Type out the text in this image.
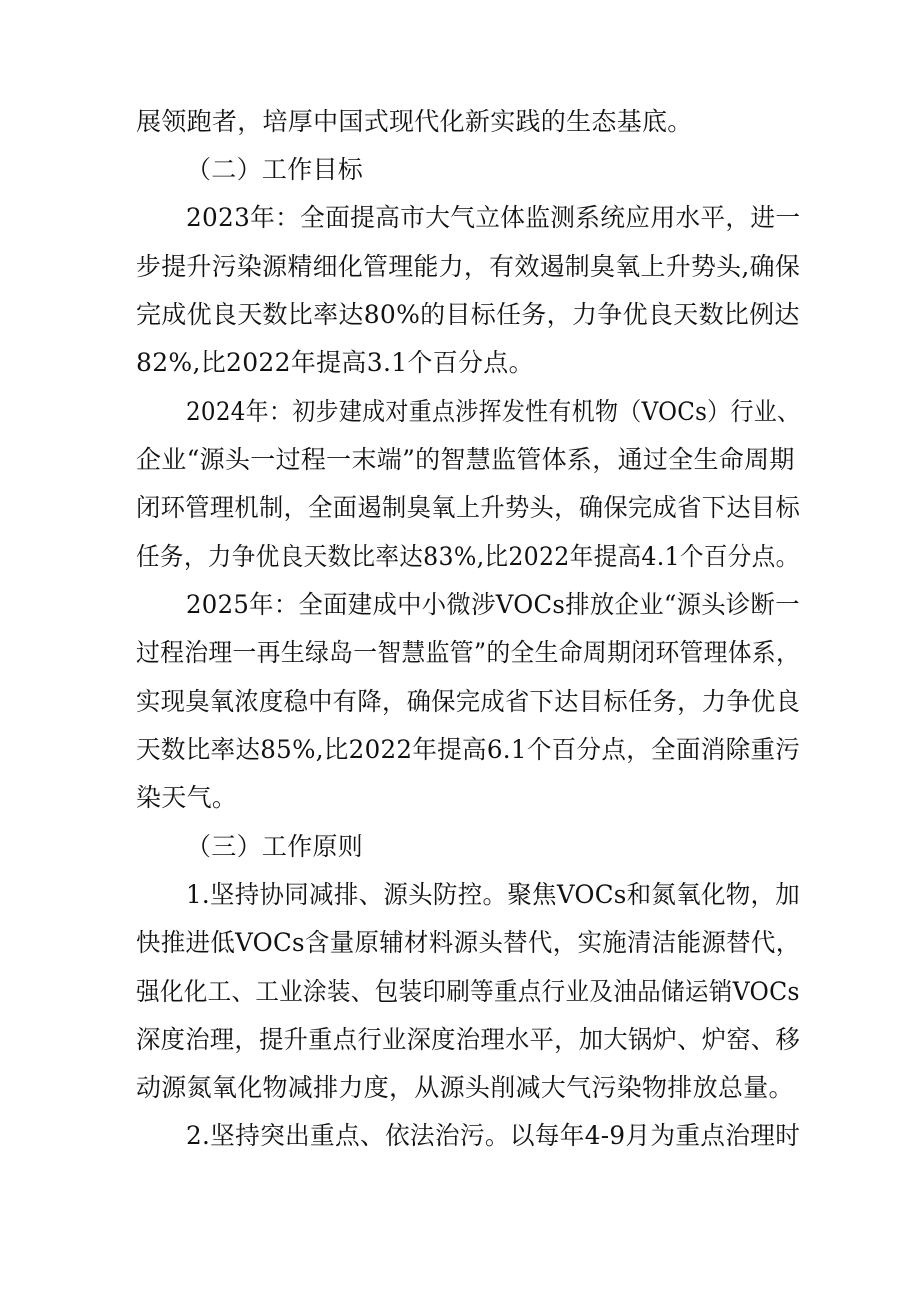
展领跑者，培厚中国式现代化新实践的生态基底。
（二）工作目标
2023年：全面提高市大气立体监测系统应用水平，进一
步提升污染源精细化管理能力，有效遏制臭氧上升势头,确保
完成优良天数比率达80%的目标任务，力争优良天数比例达
82%,比2022年提高3.1个百分点。
2024年：初步建成对重点涉挥发性有机物（VOCs）行业、
企业“源头一过程一末端”的智慧监管体系，通过全生命周期
闭环管理机制，全面遏制臭氧上升势头，确保完成省下达目标
任务，力争优良天数比率达83%,比2022年提高4.1个百分点。
2025年：全面建成中小微涉VOCs排放企业“源头诊断一
过程治理一再生绿岛一智慧监管”的全生命周期闭环管理体系，
实现臭氧浓度稳中有降，确保完成省下达目标任务，力争优良
天数比率达85%,比2022年提高6.1个百分点，全面消除重污
染天气。
（三）工作原则
1.坚持协同减排、源头防控。聚焦VOCs和氮氧化物，加
快推进低VOCs含量原辅材料源头替代，实施清洁能源替代，
强化化工、工业涂装、包装印刷等重点行业及油品储运销VOCs
深度治理，提升重点行业深度治理水平，加大锅炉、炉窑、移
动源氮氧化物减排力度，从源头削减大气污染物排放总量。
2.坚持突出重点、依法治污。以每年4-9月为重点治理时
